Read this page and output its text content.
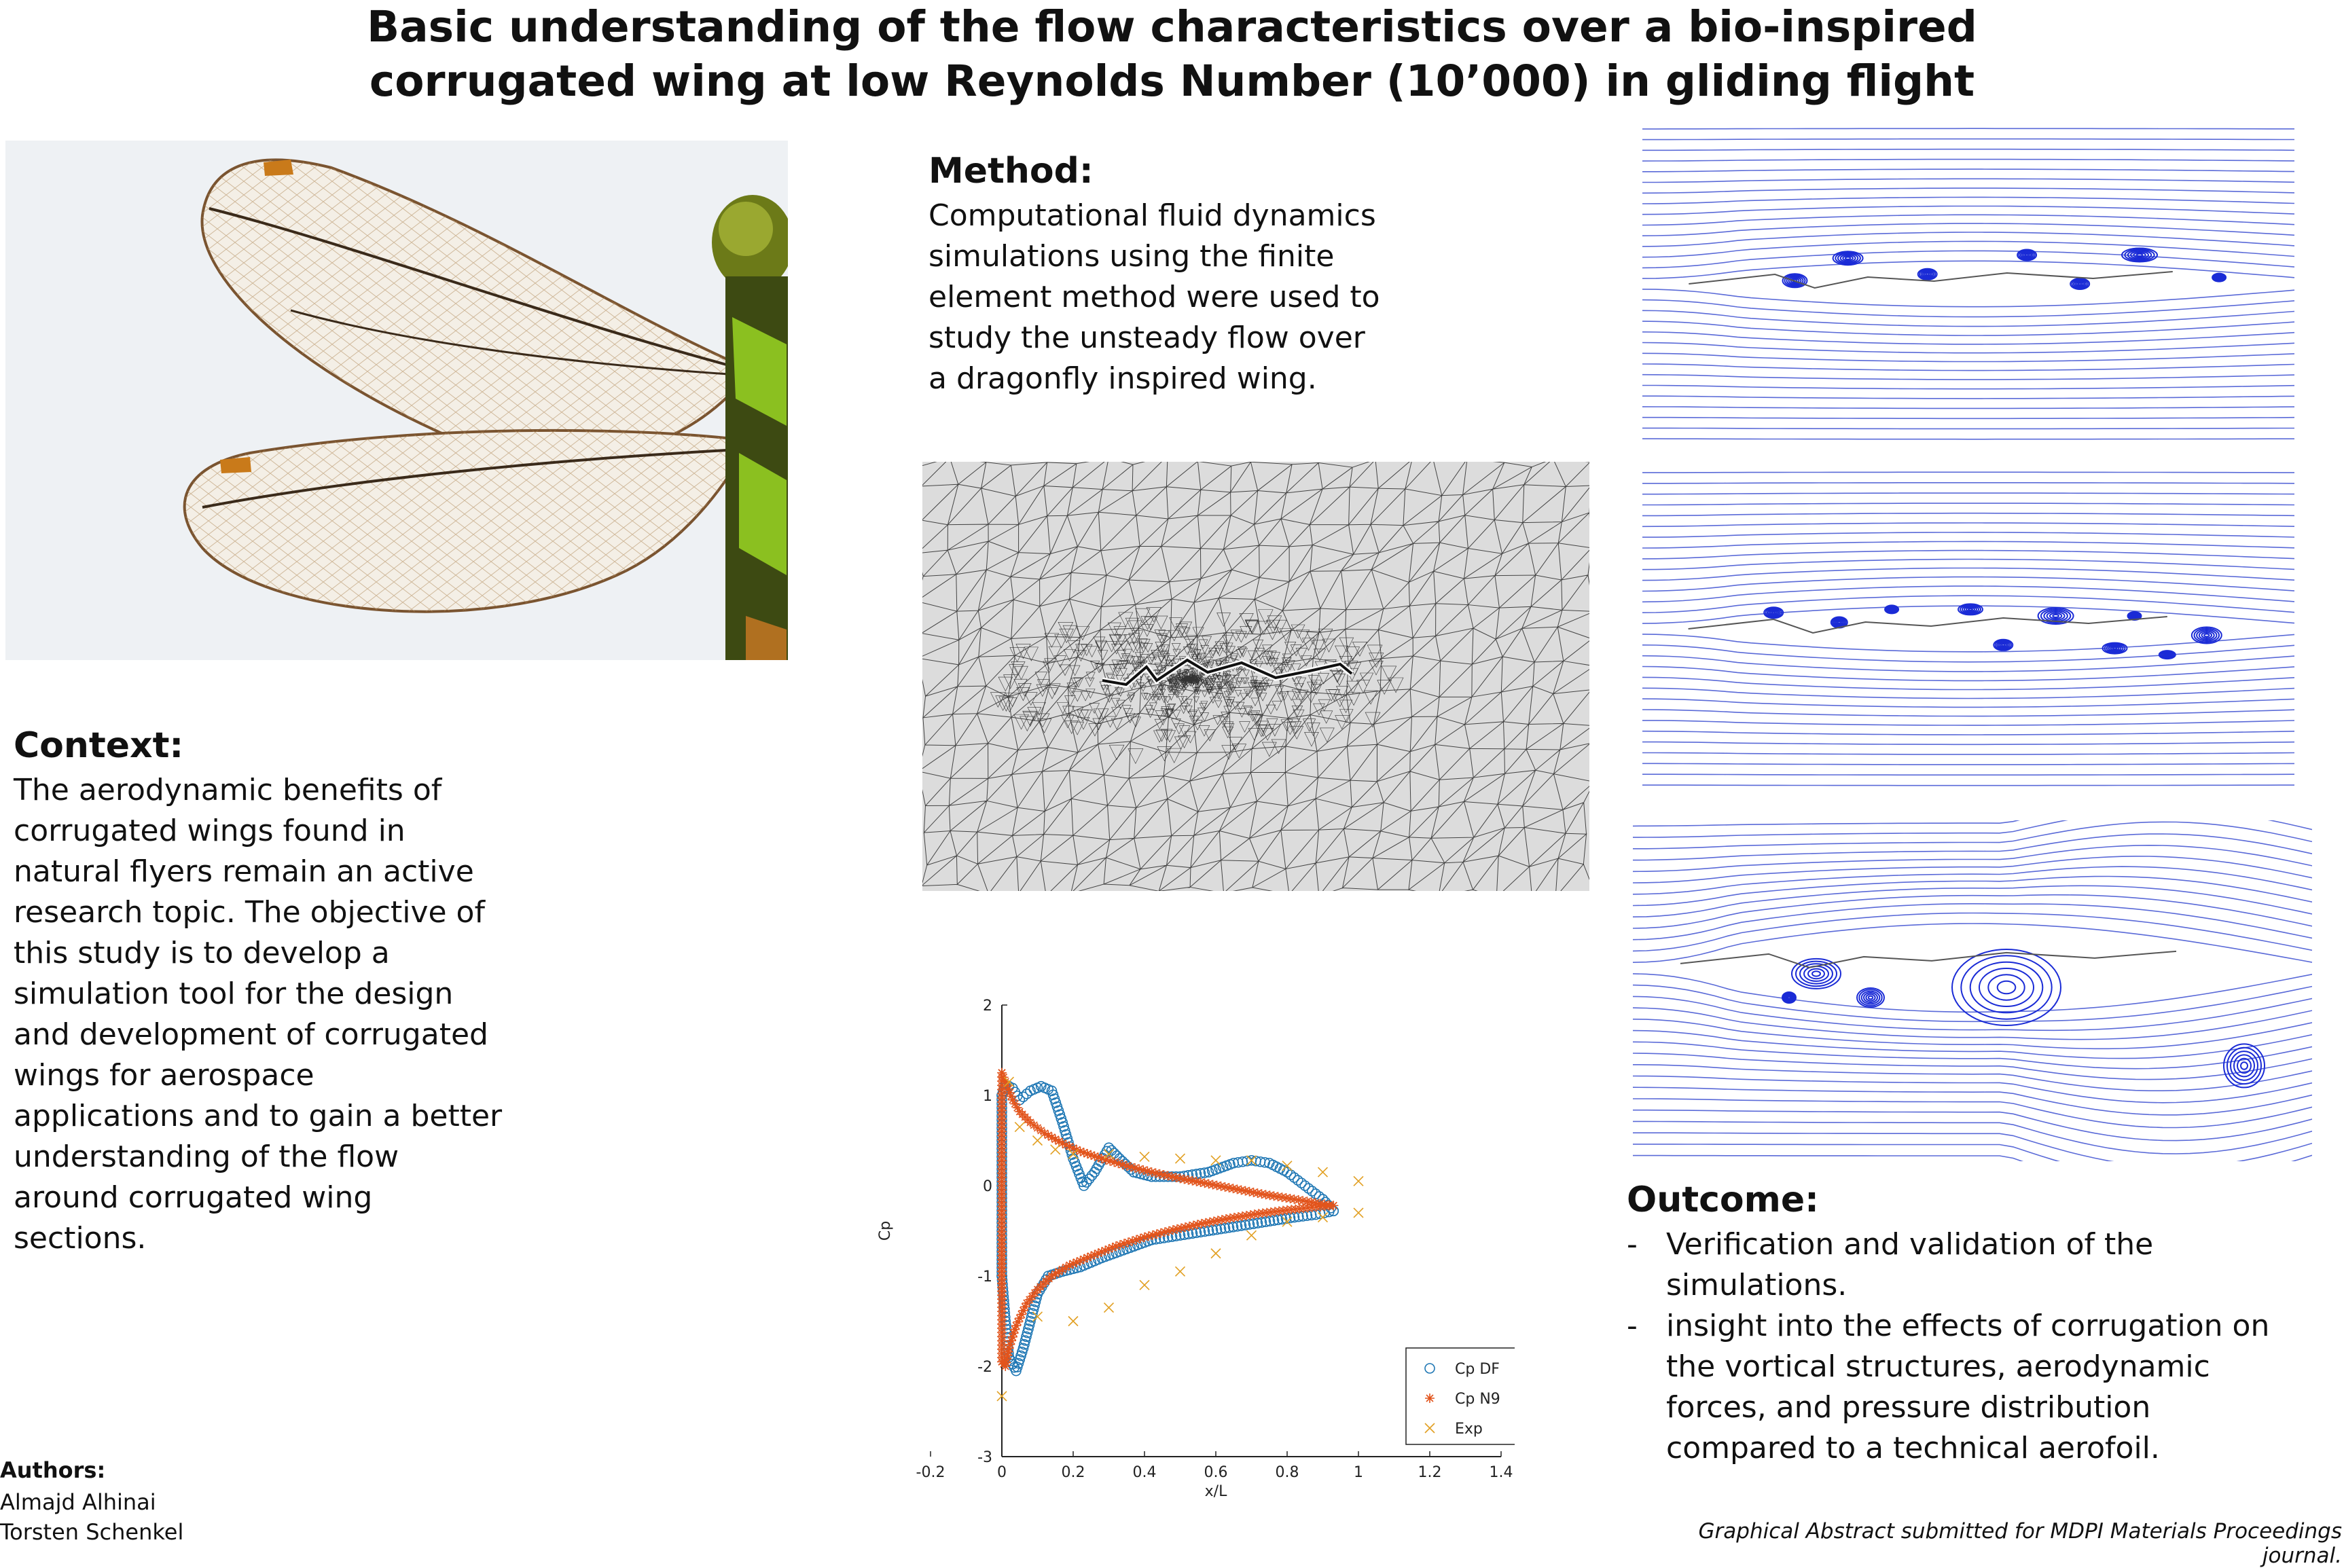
Basic understanding of the flow characteristics over a bio-inspired
corrugated wing at low Reynolds Number (10’000) in gliding flight

Method:

Computational fluid dynamics simulations using the finite element method were used to study the unsteady flow over a dragonfly inspired wing.

Context:

The aerodynamic benefits of corrugated wings found in natural flyers remain an active research topic. The objective of this study is to develop a simulation tool for the design and development of corrugated wings for aerospace applications and to gain a better understanding of the flow around corrugated wing sections.

-0.2	0	0.2	0.4	0.6	0.8	1	1.2	1.4
-3
-2
-1
0
1
2
x/L
Cp
Cp DF
Cp N9
Exp

Outcome:

- Verification and validation of the simulations.
- insight into the effects of corrugation on the vortical structures, aerodynamic forces, and pressure distribution compared to a technical aerofoil.
Authors:
Almajd Alhinai
Torsten Schenkel	Graphical Abstract submitted for MDPI Materials Proceedings journal.
